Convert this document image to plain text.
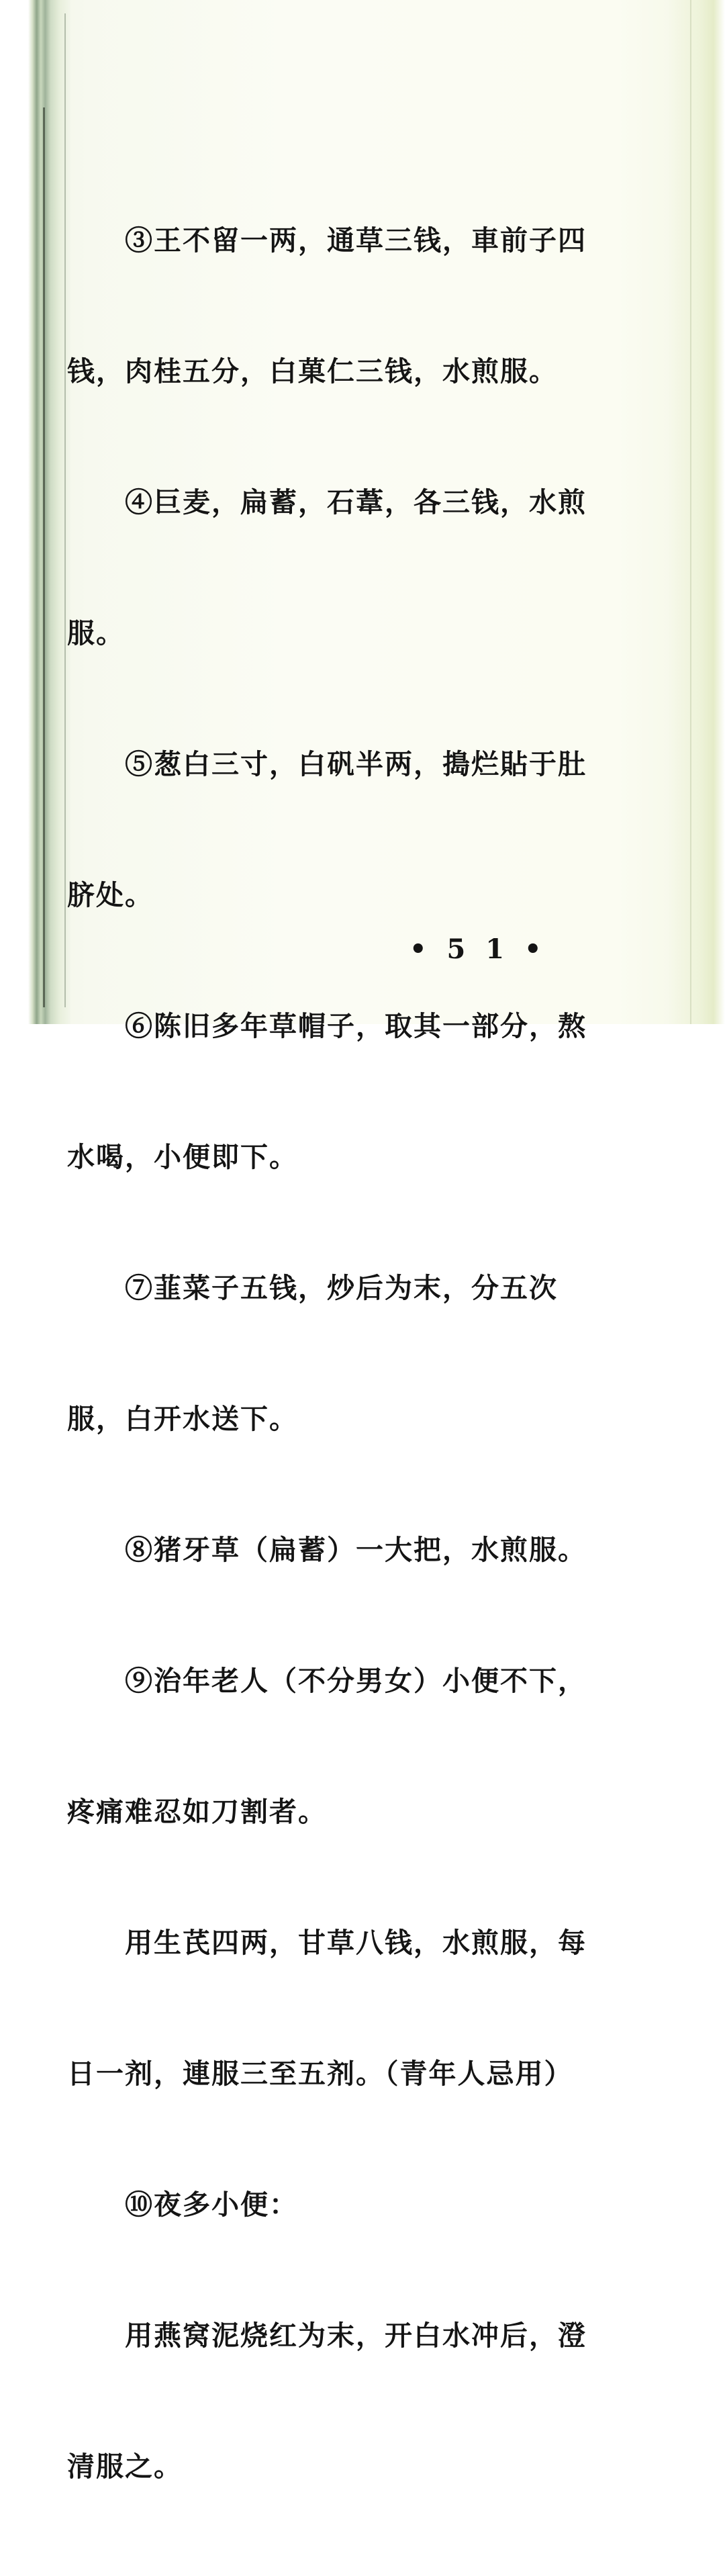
③王不留一两，通草三钱，車前子四

钱，肉桂五分，白菓仁三钱，水煎服。

④巨麦，扁蓄，石葦，各三钱，水煎

服。

⑤葱白三寸，白矾半两，搗烂貼于肚

脐处。

⑥陈旧多年草帽子，取其一部分，熬

水喝，小便即下。

⑦韮菜子五钱，炒后为末，分五次

服，白开水送下。

⑧猪牙草（扁蓄）一大把，水煎服。

⑨治年老人（不分男女）小便不下，

疼痛难忍如刀割者。

用生芪四两，甘草八钱，水煎服，每

日一剂，連服三至五剂。（青年人忌用）

⑩夜多小便：

用燕窝泥烧红为末，开白水冲后，澄

清服之。

• 5 1 •
